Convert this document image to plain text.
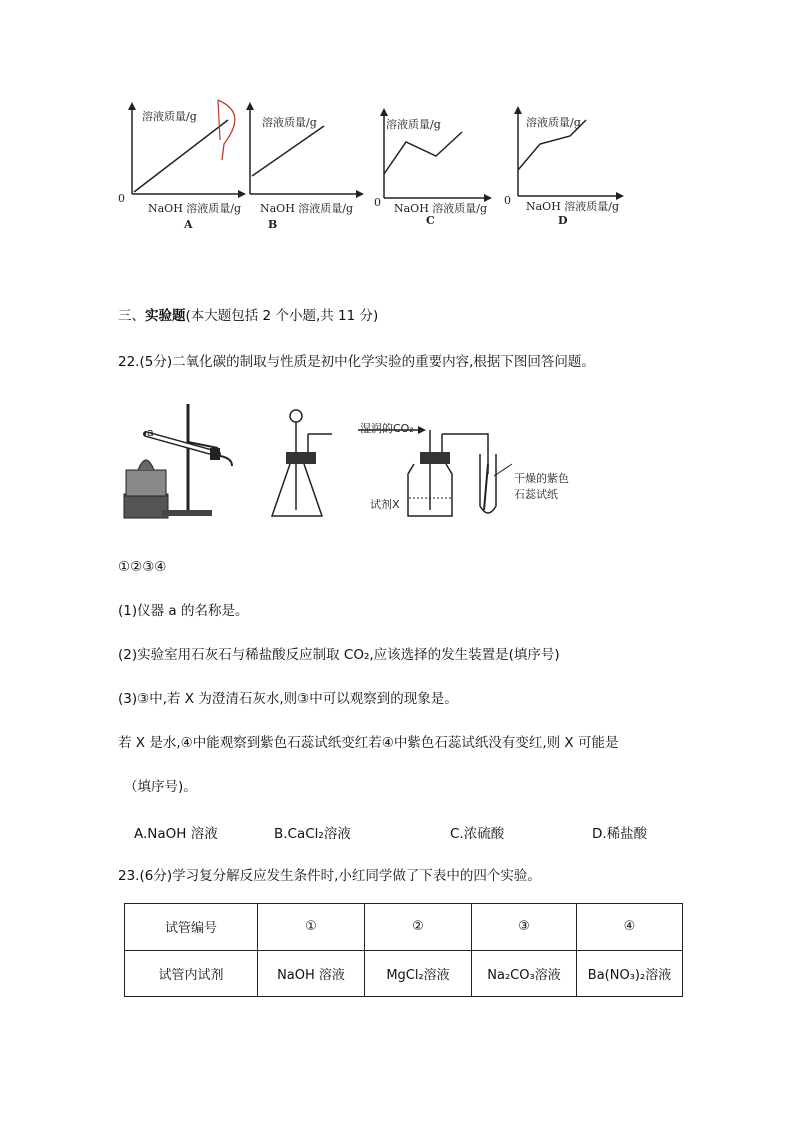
溶液质量/g
0
NaOH 溶液质量/g
A
溶液质量/g
NaOH 溶液质量/g
B
溶液质量/g
0 NaOH 溶液质量/g
C
溶液质量/g
0 NaOH 溶液质量/g
D
三、实验题(本大题包括 2 个小题,共 11 分)
22.(5分)二氧化碳的制取与性质是初中化学实验的重要内容,根据下图回答问题。
a	湿润的CO₂
试剂X
干燥的紫色
石蕊试纸
①②③④
(1)仪器 a 的名称是。
(2)实验室用石灰石与稀盐酸反应制取 CO₂,应该选择的发生装置是(填序号)
(3)③中,若 X 为澄清石灰水,则③中可以观察到的现象是。
若 X 是水,④中能观察到紫色石蕊试纸变红若④中紫色石蕊试纸没有变红,则 X 可能是
（填序号)。
A.NaOH 溶液	B.CaCl₂溶液	C.浓硫酸	D.稀盐酸
23.(6分)学习复分解反应发生条件时,小红同学做了下表中的四个实验。
试管编号	①	②	③	④
试管内试剂	NaOH 溶液	MgCl₂溶液	Na₂CO₃溶液	Ba(NO₃)₂溶液
